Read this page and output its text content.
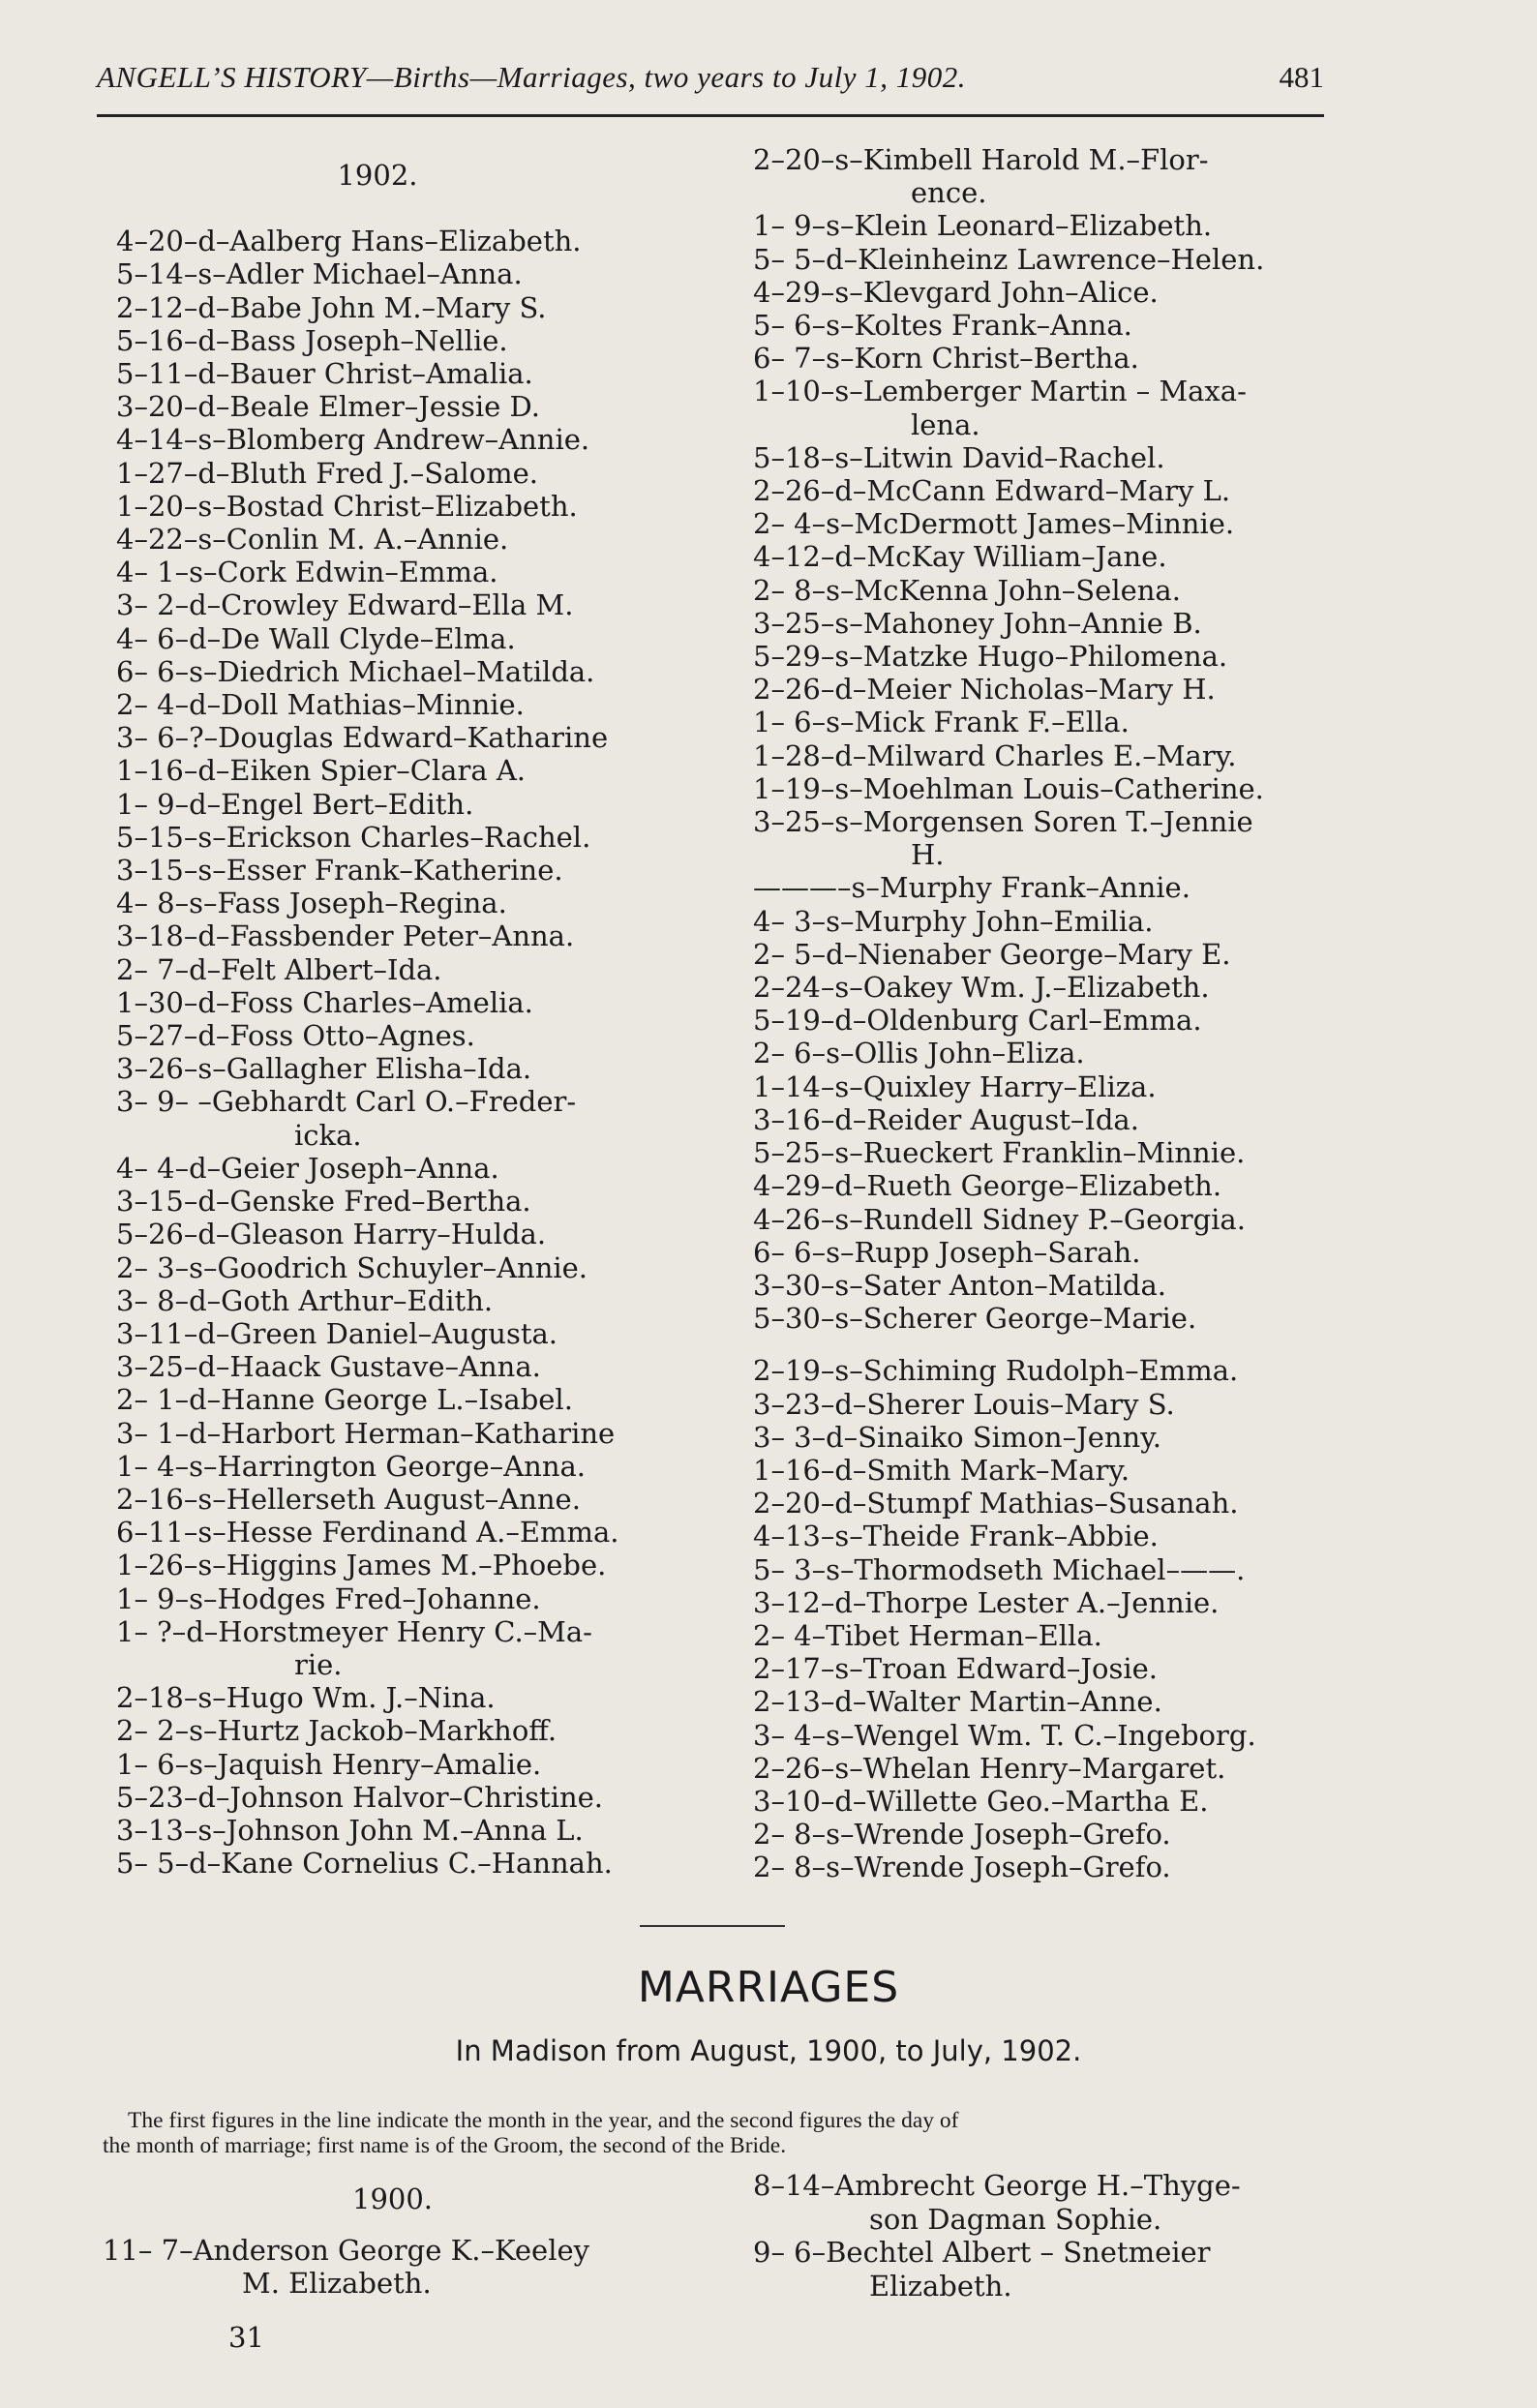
ANGELL’S HISTORY—Births—Marriages, two years to July 1, 1902.	481
1902.
4–20–d–Aalberg Hans–Elizabeth.
5–14–s–Adler Michael–Anna.
2–12–d–Babe John M.–Mary S.
5–16–d–Bass Joseph–Nellie.
5–11–d–Bauer Christ–Amalia.
3–20–d–Beale Elmer–Jessie D.
4–14–s–Blomberg Andrew–Annie.
1–27–d–Bluth Fred J.–Salome.
1–20–s–Bostad Christ–Elizabeth.
4–22–s–Conlin M. A.–Annie.
4– 1–s–Cork Edwin–Emma.
3– 2–d–Crowley Edward–Ella M.
4– 6–d–De Wall Clyde–Elma.
6– 6–s–Diedrich Michael–Matilda.
2– 4–d–Doll Mathias–Minnie.
3– 6–?–Douglas Edward–Katharine
1–16–d–Eiken Spier–Clara A.
1– 9–d–Engel Bert–Edith.
5–15–s–Erickson Charles–Rachel.
3–15–s–Esser Frank–Katherine.
4– 8–s–Fass Joseph–Regina.
3–18–d–Fassbender Peter–Anna.
2– 7–d–Felt Albert–Ida.
1–30–d–Foss Charles–Amelia.
5–27–d–Foss Otto–Agnes.
3–26–s–Gallagher Elisha–Ida.
3– 9– –Gebhardt Carl O.–Freder-
icka.
4– 4–d–Geier Joseph–Anna.
3–15–d–Genske Fred–Bertha.
5–26–d–Gleason Harry–Hulda.
2– 3–s–Goodrich Schuyler–Annie.
3– 8–d–Goth Arthur–Edith.
3–11–d–Green Daniel–Augusta.
3–25–d–Haack Gustave–Anna.
2– 1–d–Hanne George L.–Isabel.
3– 1–d–Harbort Herman–Katharine
1– 4–s–Harrington George–Anna.
2–16–s–Hellerseth August–Anne.
6–11–s–Hesse Ferdinand A.–Emma.
1–26–s–Higgins James M.–Phoebe.
1– 9–s–Hodges Fred–Johanne.
1– ?–d–Horstmeyer Henry C.–Ma-
rie.
2–18–s–Hugo Wm. J.–Nina.
2– 2–s–Hurtz Jackob–Markhoff.
1– 6–s–Jaquish Henry–Amalie.
5–23–d–Johnson Halvor–Christine.
3–13–s–Johnson John M.–Anna L.
5– 5–d–Kane Cornelius C.–Hannah.
2–20–s–Kimbell Harold M.–Flor-
ence.
1– 9–s–Klein Leonard–Elizabeth.
5– 5–d–Kleinheinz Lawrence–Helen.
4–29–s–Klevgard John–Alice.
5– 6–s–Koltes Frank–Anna.
6– 7–s–Korn Christ–Bertha.
1–10–s–Lemberger Martin – Maxa-
lena.
5–18–s–Litwin David–Rachel.
2–26–d–McCann Edward–Mary L.
2– 4–s–McDermott James–Minnie.
4–12–d–McKay William–Jane.
2– 8–s–McKenna John–Selena.
3–25–s–Mahoney John–Annie B.
5–29–s–Matzke Hugo–Philomena.
2–26–d–Meier Nicholas–Mary H.
1– 6–s–Mick Frank F.–Ella.
1–28–d–Milward Charles E.–Mary.
1–19–s–Moehlman Louis–Catherine.
3–25–s–Morgensen Soren T.–Jennie
H.
———–s–Murphy Frank–Annie.
4– 3–s–Murphy John–Emilia.
2– 5–d–Nienaber George–Mary E.
2–24–s–Oakey Wm. J.–Elizabeth.
5–19–d–Oldenburg Carl–Emma.
2– 6–s–Ollis John–Eliza.
1–14–s–Quixley Harry–Eliza.
3–16–d–Reider August–Ida.
5–25–s–Rueckert Franklin–Minnie.
4–29–d–Rueth George–Elizabeth.
4–26–s–Rundell Sidney P.–Georgia.
6– 6–s–Rupp Joseph–Sarah.
3–30–s–Sater Anton–Matilda.
5–30–s–Scherer George–Marie.
2–19–s–Schiming Rudolph–Emma.
3–23–d–Sherer Louis–Mary S.
3– 3–d–Sinaiko Simon–Jenny.
1–16–d–Smith Mark–Mary.
2–20–d–Stumpf Mathias–Susanah.
4–13–s–Theide Frank–Abbie.
5– 3–s–Thormodseth Michael–——.
3–12–d–Thorpe Lester A.–Jennie.
2– 4–Tibet Herman–Ella.
2–17–s–Troan Edward–Josie.
2–13–d–Walter Martin–Anne.
3– 4–s–Wengel Wm. T. C.–Ingeborg.
2–26–s–Whelan Henry–Margaret.
3–10–d–Willette Geo.–Martha E.
2– 8–s–Wrende Joseph–Grefo.
2– 8–s–Wrende Joseph–Grefo.
MARRIAGES
In Madison from August, 1900, to July, 1902.
The first figures in the line indicate the month in the year, and the second figures the day of
the month of marriage; first name is of the Groom, the second of the Bride.
1900.
11– 7–Anderson George K.–Keeley
M. Elizabeth.
8–14–Ambrecht George H.–Thyge-
son Dagman Sophie.
9– 6–Bechtel Albert – Snetmeier
Elizabeth.
31
